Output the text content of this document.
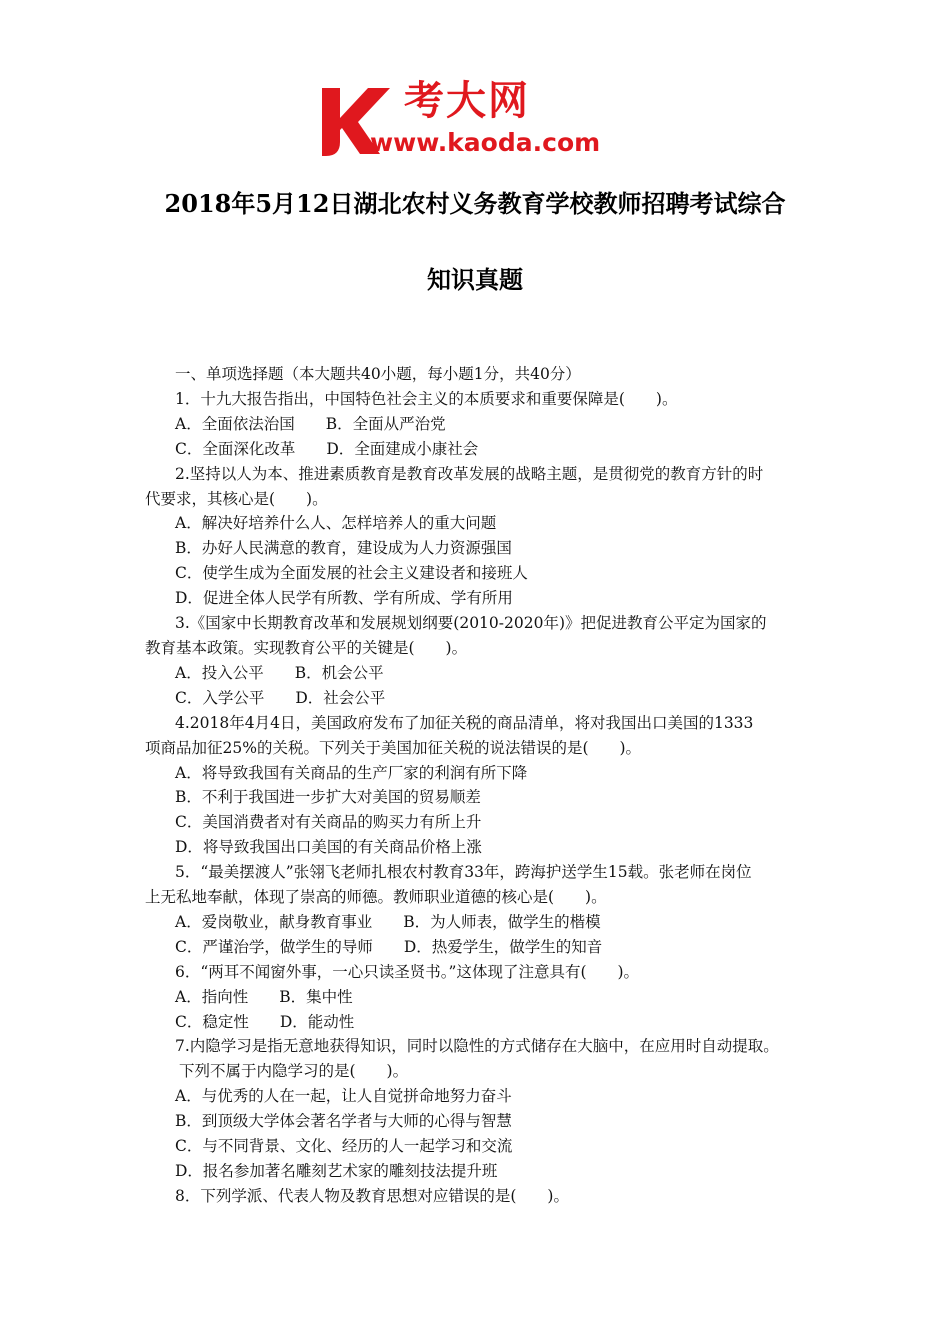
考大网
www.kaoda.com
2018年5月12日湖北农村义务教育学校教师招聘考试综合
知识真题
一、单项选择题（本大题共40小题，每小题1分，共40分）
1．十九大报告指出，中国特色社会主义的本质要求和重要保障是(　　)。
A．全面依法治国　　B．全面从严治党
C．全面深化改革　　D．全面建成小康社会
2.坚持以人为本、推进素质教育是教育改革发展的战略主题，是贯彻党的教育方针的时
代要求，其核心是(　　)。
A．解决好培养什么人、怎样培养人的重大问题
B．办好人民满意的教育，建设成为人力资源强国
C．使学生成为全面发展的社会主义建设者和接班人
D．促进全体人民学有所教、学有所成、学有所用
3.《国家中长期教育改革和发展规划纲要(2010-2020年)》把促进教育公平定为国家的
教育基本政策。实现教育公平的关键是(　　)。
A．投入公平　　B．机会公平
C．入学公平　　D．社会公平
4.2018年4月4日，美国政府发布了加征关税的商品清单，将对我国出口美国的1333
项商品加征25%的关税。下列关于美国加征关税的说法错误的是(　　)。
A．将导致我国有关商品的生产厂家的利润有所下降
B．不利于我国进一步扩大对美国的贸易顺差
C．美国消费者对有关商品的购买力有所上升
D．将导致我国出口美国的有关商品价格上涨
5．“最美摆渡人”张翎飞老师扎根农村教育33年，跨海护送学生15载。张老师在岗位
上无私地奉献，体现了崇高的师德。教师职业道德的核心是(　　)。
A．爱岗敬业，献身教育事业　　B．为人师表，做学生的楷模
C．严谨治学，做学生的导师　　D．热爱学生，做学生的知音
6．“两耳不闻窗外事，一心只读圣贤书。”这体现了注意具有(　　)。
A．指向性　　B．集中性
C．稳定性　　D．能动性
7.内隐学习是指无意地获得知识，同时以隐性的方式储存在大脑中，在应用时自动提取。
下列不属于内隐学习的是(　　)。
A．与优秀的人在一起，让人自觉拼命地努力奋斗
B．到顶级大学体会著名学者与大师的心得与智慧
C．与不同背景、文化、经历的人一起学习和交流
D．报名参加著名雕刻艺术家的雕刻技法提升班
8．下列学派、代表人物及教育思想对应错误的是(　　)。
